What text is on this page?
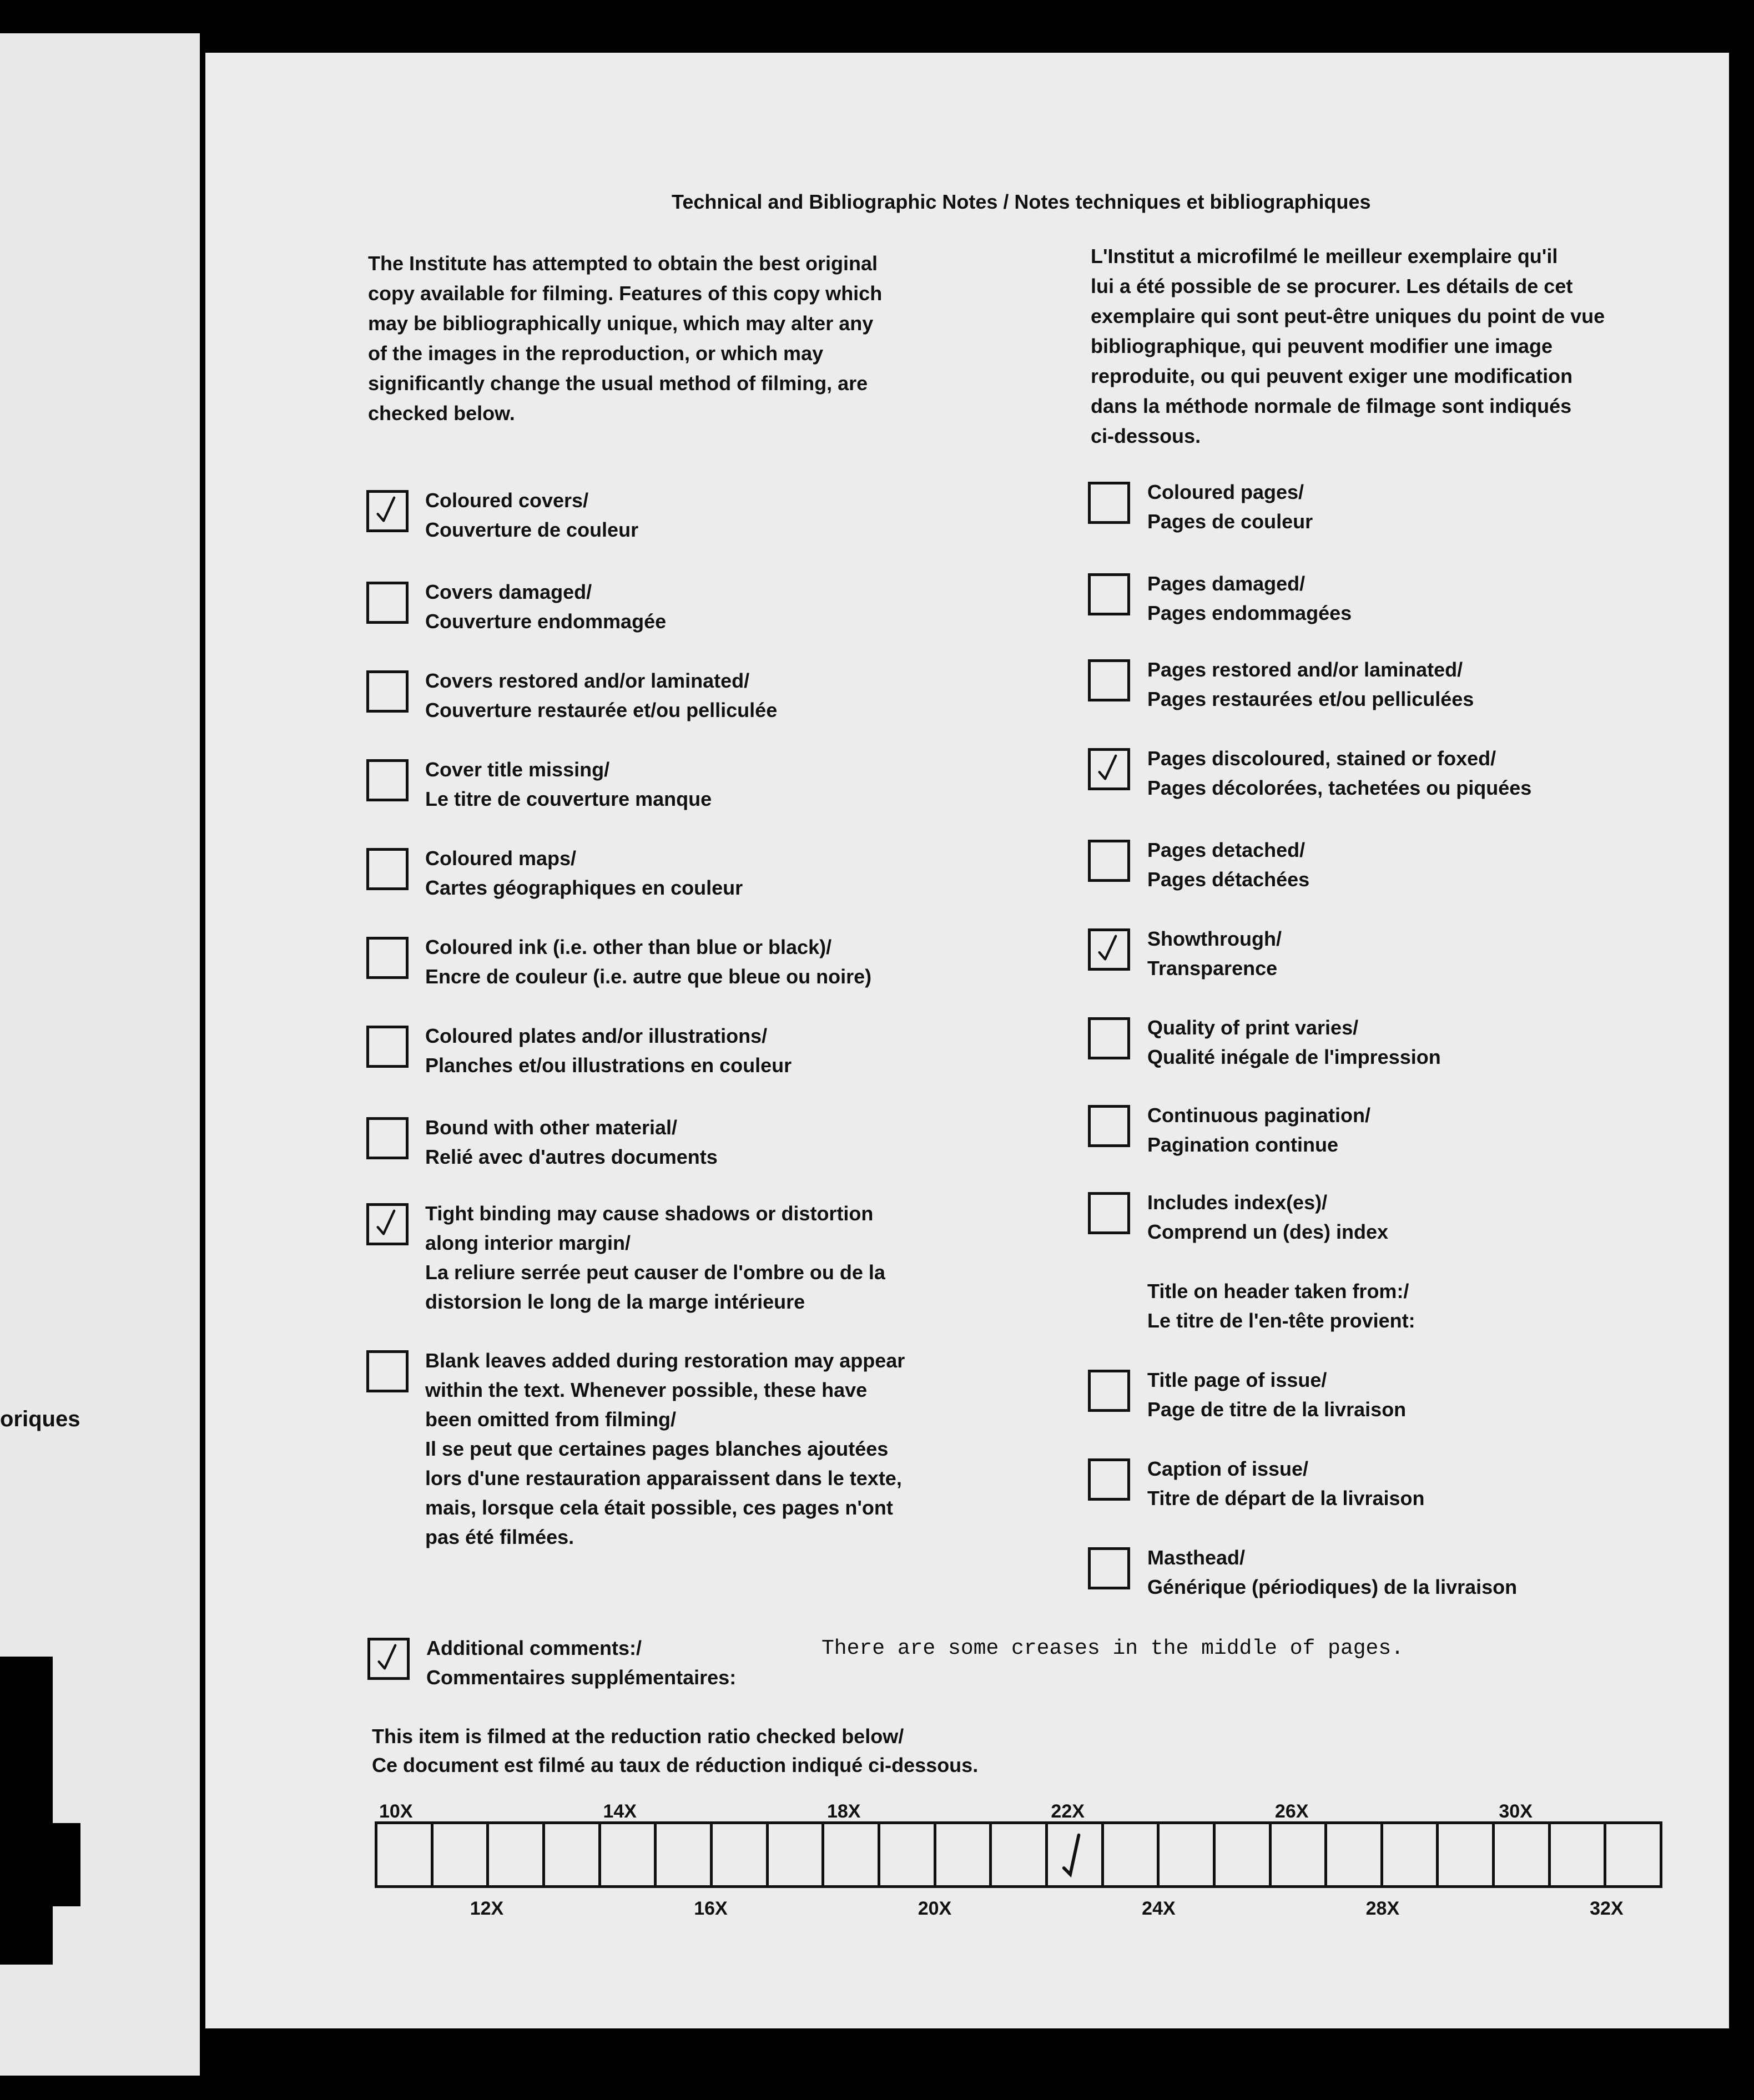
oriques
Technical and Bibliographic Notes / Notes techniques et bibliographiques

The Institute has attempted to obtain the best original

copy available for filming. Features of this copy which

may be bibliographically unique, which may alter any

of the images in the reproduction, or which may

significantly change the usual method of filming, are

checked below.

L'Institut a microfilmé le meilleur exemplaire qu'il

lui a été possible de se procurer. Les détails de cet

exemplaire qui sont peut-être uniques du point de vue

bibliographique, qui peuvent modifier une image

reproduite, ou qui peuvent exiger une modification

dans la méthode normale de filmage sont indiqués

ci-dessous.

There are some creases in the middle of pages.

This item is filmed at the reduction ratio checked below/

Ce document est filmé au taux de réduction indiqué ci-dessous.

10X	14X	18X	22X	26X	30X
12X	16X	20X	24X	28X	32X

Coloured covers/

Couverture de couleur

Covers damaged/

Couverture endommagée

Covers restored and/or laminated/

Couverture restaurée et/ou pelliculée

Cover title missing/

Le titre de couverture manque

Coloured maps/

Cartes géographiques en couleur

Coloured ink (i.e. other than blue or black)/

Encre de couleur (i.e. autre que bleue ou noire)

Coloured plates and/or illustrations/

Planches et/ou illustrations en couleur

Bound with other material/

Relié avec d'autres documents

Tight binding may cause shadows or distortion

along interior margin/

La reliure serrée peut causer de l'ombre ou de la

distorsion le long de la marge intérieure

Blank leaves added during restoration may appear

within the text. Whenever possible, these have

been omitted from filming/

Il se peut que certaines pages blanches ajoutées

lors d'une restauration apparaissent dans le texte,

mais, lorsque cela était possible, ces pages n'ont

pas été filmées.

Coloured pages/

Pages de couleur

Pages damaged/

Pages endommagées

Pages restored and/or laminated/

Pages restaurées et/ou pelliculées

Pages discoloured, stained or foxed/

Pages décolorées, tachetées ou piquées

Pages detached/

Pages détachées

Showthrough/

Transparence

Quality of print varies/

Qualité inégale de l'impression

Continuous pagination/

Pagination continue

Includes index(es)/

Comprend un (des) index

Title on header taken from:/

Le titre de l'en-tête provient:

Title page of issue/

Page de titre de la livraison

Caption of issue/

Titre de départ de la livraison

Masthead/

Générique (périodiques) de la livraison

Additional comments:/

Commentaires supplémentaires:
